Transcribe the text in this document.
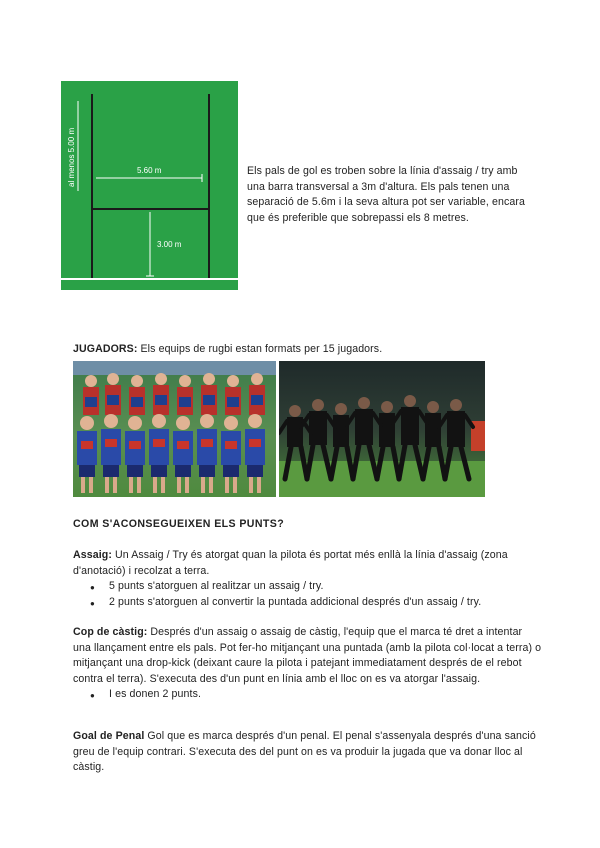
al menos 5.00 m	5.60 m
3.00 m
Els pals de gol es troben sobre la línia d'assaig / try amb una barra transversal a 3m d'altura. Els pals tenen una separació de 5.6m i la seva altura pot ser variable, encara que és preferible que sobrepassi els 8 metres.
JUGADORS: Els equips de rugbi estan formats per 15 jugadors.
COM S'ACONSEGUEIXEN ELS PUNTS?
Assaig: Un Assaig / Try és atorgat quan la pilota és portat més enllà la línia d'assaig (zona d'anotació) i recolzat a terra.
● 5 punts s'atorguen al realitzar un assaig / try.
● 2 punts s'atorguen al convertir la puntada addicional després d'un assaig / try.
Cop de càstig: Després d'un assaig o assaig de càstig, l'equip que el marca té dret a intentar una llançament entre els pals. Pot fer-ho mitjançant una puntada (amb la pilota col·locat a terra) o mitjançant una drop-kick (deixant caure la pilota i patejant immediatament després de el rebot contra el terra). S'executa des d'un punt en línia amb el lloc on es va atorgar l'assaig.
● I es donen 2 punts.
Goal de Penal Gol que es marca després d'un penal. El penal s'assenyala després d'una sanció greu de l'equip contrari. S'executa des del punt on es va produir la jugada que va donar lloc al càstig.
